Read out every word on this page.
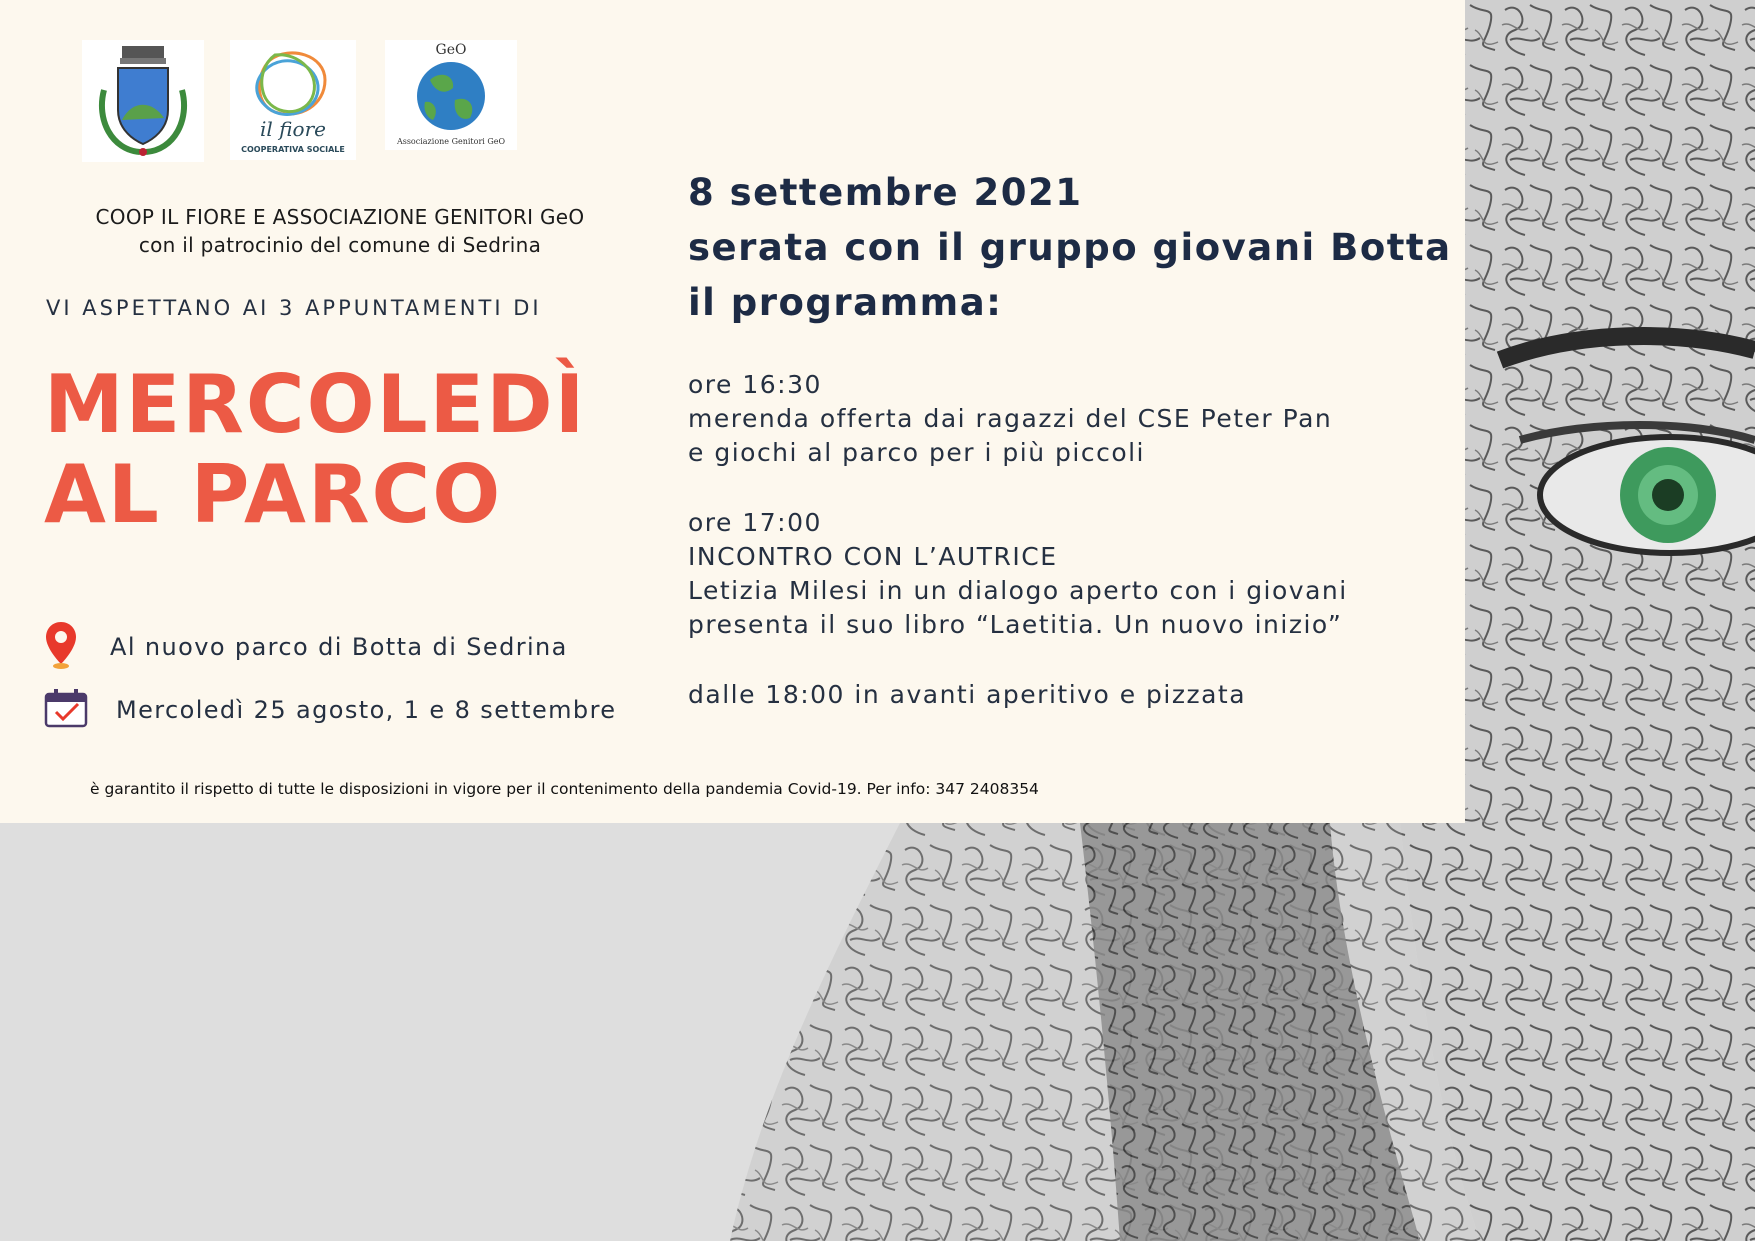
il fiore
COOPERATIVA SOCIALE
GeO
Associazione Genitori GeO
COOP IL FIORE E ASSOCIAZIONE GENITORI GeO
con il patrocinio del comune di Sedrina
VI ASPETTANO AI 3 APPUNTAMENTI DI
MERCOLEDÌ
AL PARCO
Al nuovo parco di Botta di Sedrina
Mercoledì 25 agosto, 1 e 8 settembre
8 settembre 2021
serata con il gruppo giovani Botta
il programma:
ore 16:30
merenda offerta dai ragazzi del CSE Peter Pan
e giochi al parco per i più piccoli
ore 17:00
INCONTRO CON L’AUTRICE
Letizia Milesi in un dialogo aperto con i giovani
presenta il suo libro “Laetitia. Un nuovo inizio”
dalle 18:00 in avanti aperitivo e pizzata
è garantito il rispetto di tutte le disposizioni in vigore per il contenimento della pandemia Covid-19. Per info: 347 2408354
